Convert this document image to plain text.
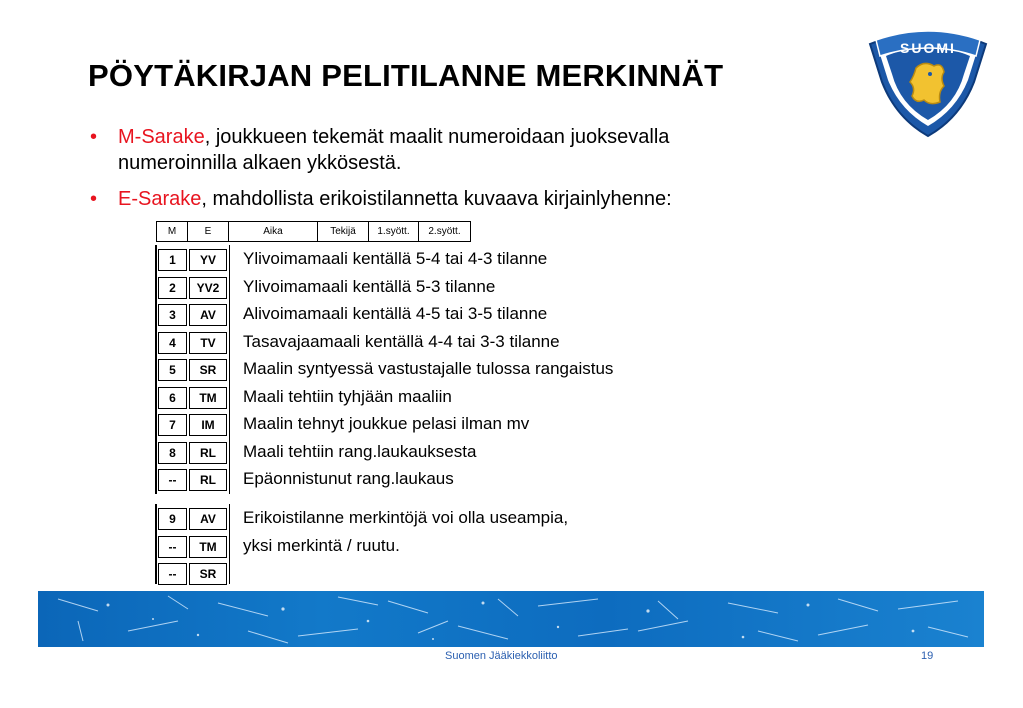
PÖYTÄKIRJAN PELITILANNE MERKINNÄT
SUOMI
• M-Sarake, joukkueen tekemät maalit numeroidaan juoksevalla
numeroinnilla alkaen ykkösestä.
• E-Sarake, mahdollista erikoistilannetta kuvaava kirjainlyhenne:
M	E	Aika	Tekijä	1.syött.	2.syött.
1	YV	Ylivoimamaali kentällä 5-4 tai 4-3 tilanne
2	YV2	Ylivoimamaali kentällä 5-3 tilanne
3	AV	Alivoimamaali kentällä 4-5 tai 3-5 tilanne
4	TV	Tasavajaamaali kentällä 4-4 tai 3-3 tilanne
5	SR	Maalin syntyessä vastustajalle tulossa rangaistus
6	TM	Maali tehtiin tyhjään maaliin
7	IM	Maalin tehnyt joukkue pelasi ilman mv
8	RL	Maali tehtiin rang.laukauksesta
--	RL	Epäonnistunut rang.laukaus
9	AV	Erikoistilanne merkintöjä voi olla useampia,
--	TM	yksi merkintä / ruutu.
--	SR
Suomen Jääkiekkoliitto	19
